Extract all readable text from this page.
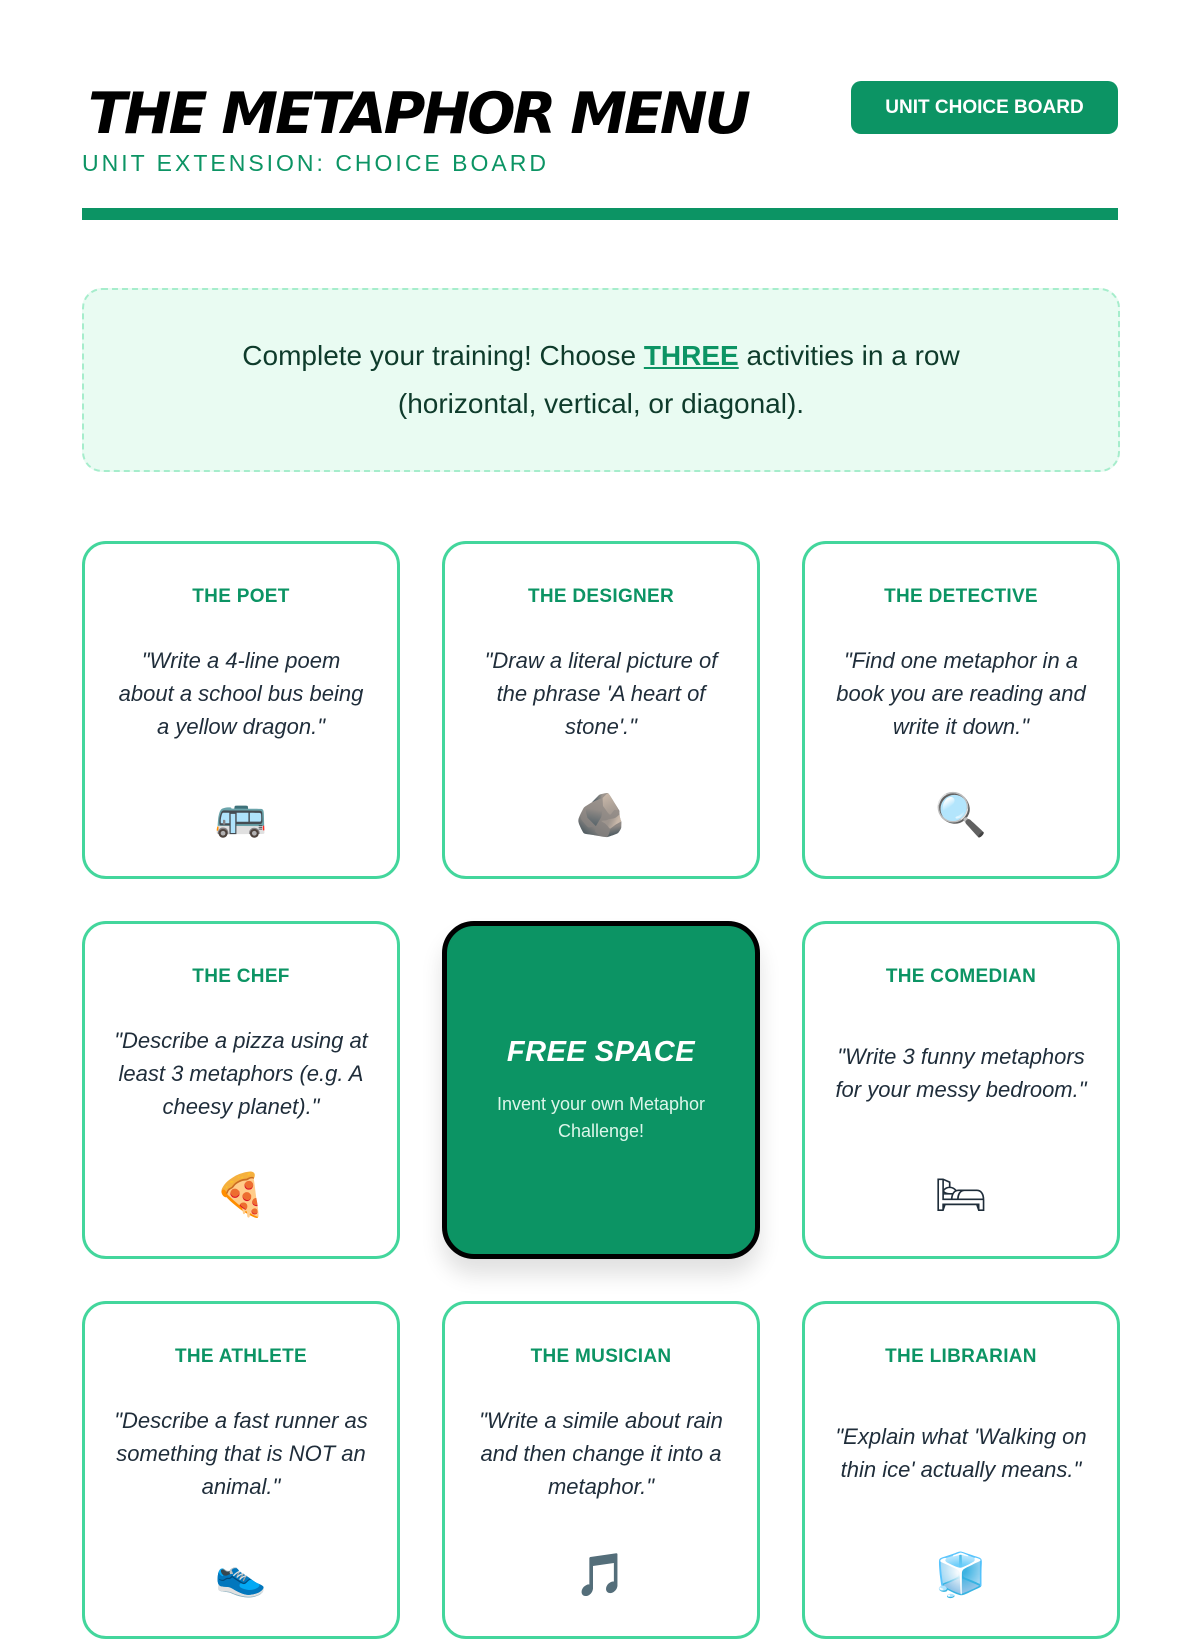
THE METAPHOR MENU
UNIT EXTENSION: CHOICE BOARD
UNIT CHOICE BOARD

Complete your training! Choose THREE activities in a row (horizontal, vertical, or diagonal).

THE POET

"Write a 4-line poem about a school bus being a yellow dragon."

🚌
THE DESIGNER

"Draw a literal picture of the phrase 'A heart of stone'."

🪨
THE DETECTIVE

"Find one metaphor in a book you are reading and write it down."

🔍
THE CHEF

"Describe a pizza using at least 3 metaphors (e.g. A cheesy planet)."

🍕
FREE SPACE
Invent your own Metaphor Challenge!
THE COMEDIAN

"Write 3 funny metaphors for your messy bedroom."

🛏
THE ATHLETE

"Describe a fast runner as something that is NOT an animal."

👟
THE MUSICIAN

"Write a simile about rain and then change it into a metaphor."

🎵
THE LIBRARIAN

"Explain what 'Walking on thin ice' actually means."

🧊
